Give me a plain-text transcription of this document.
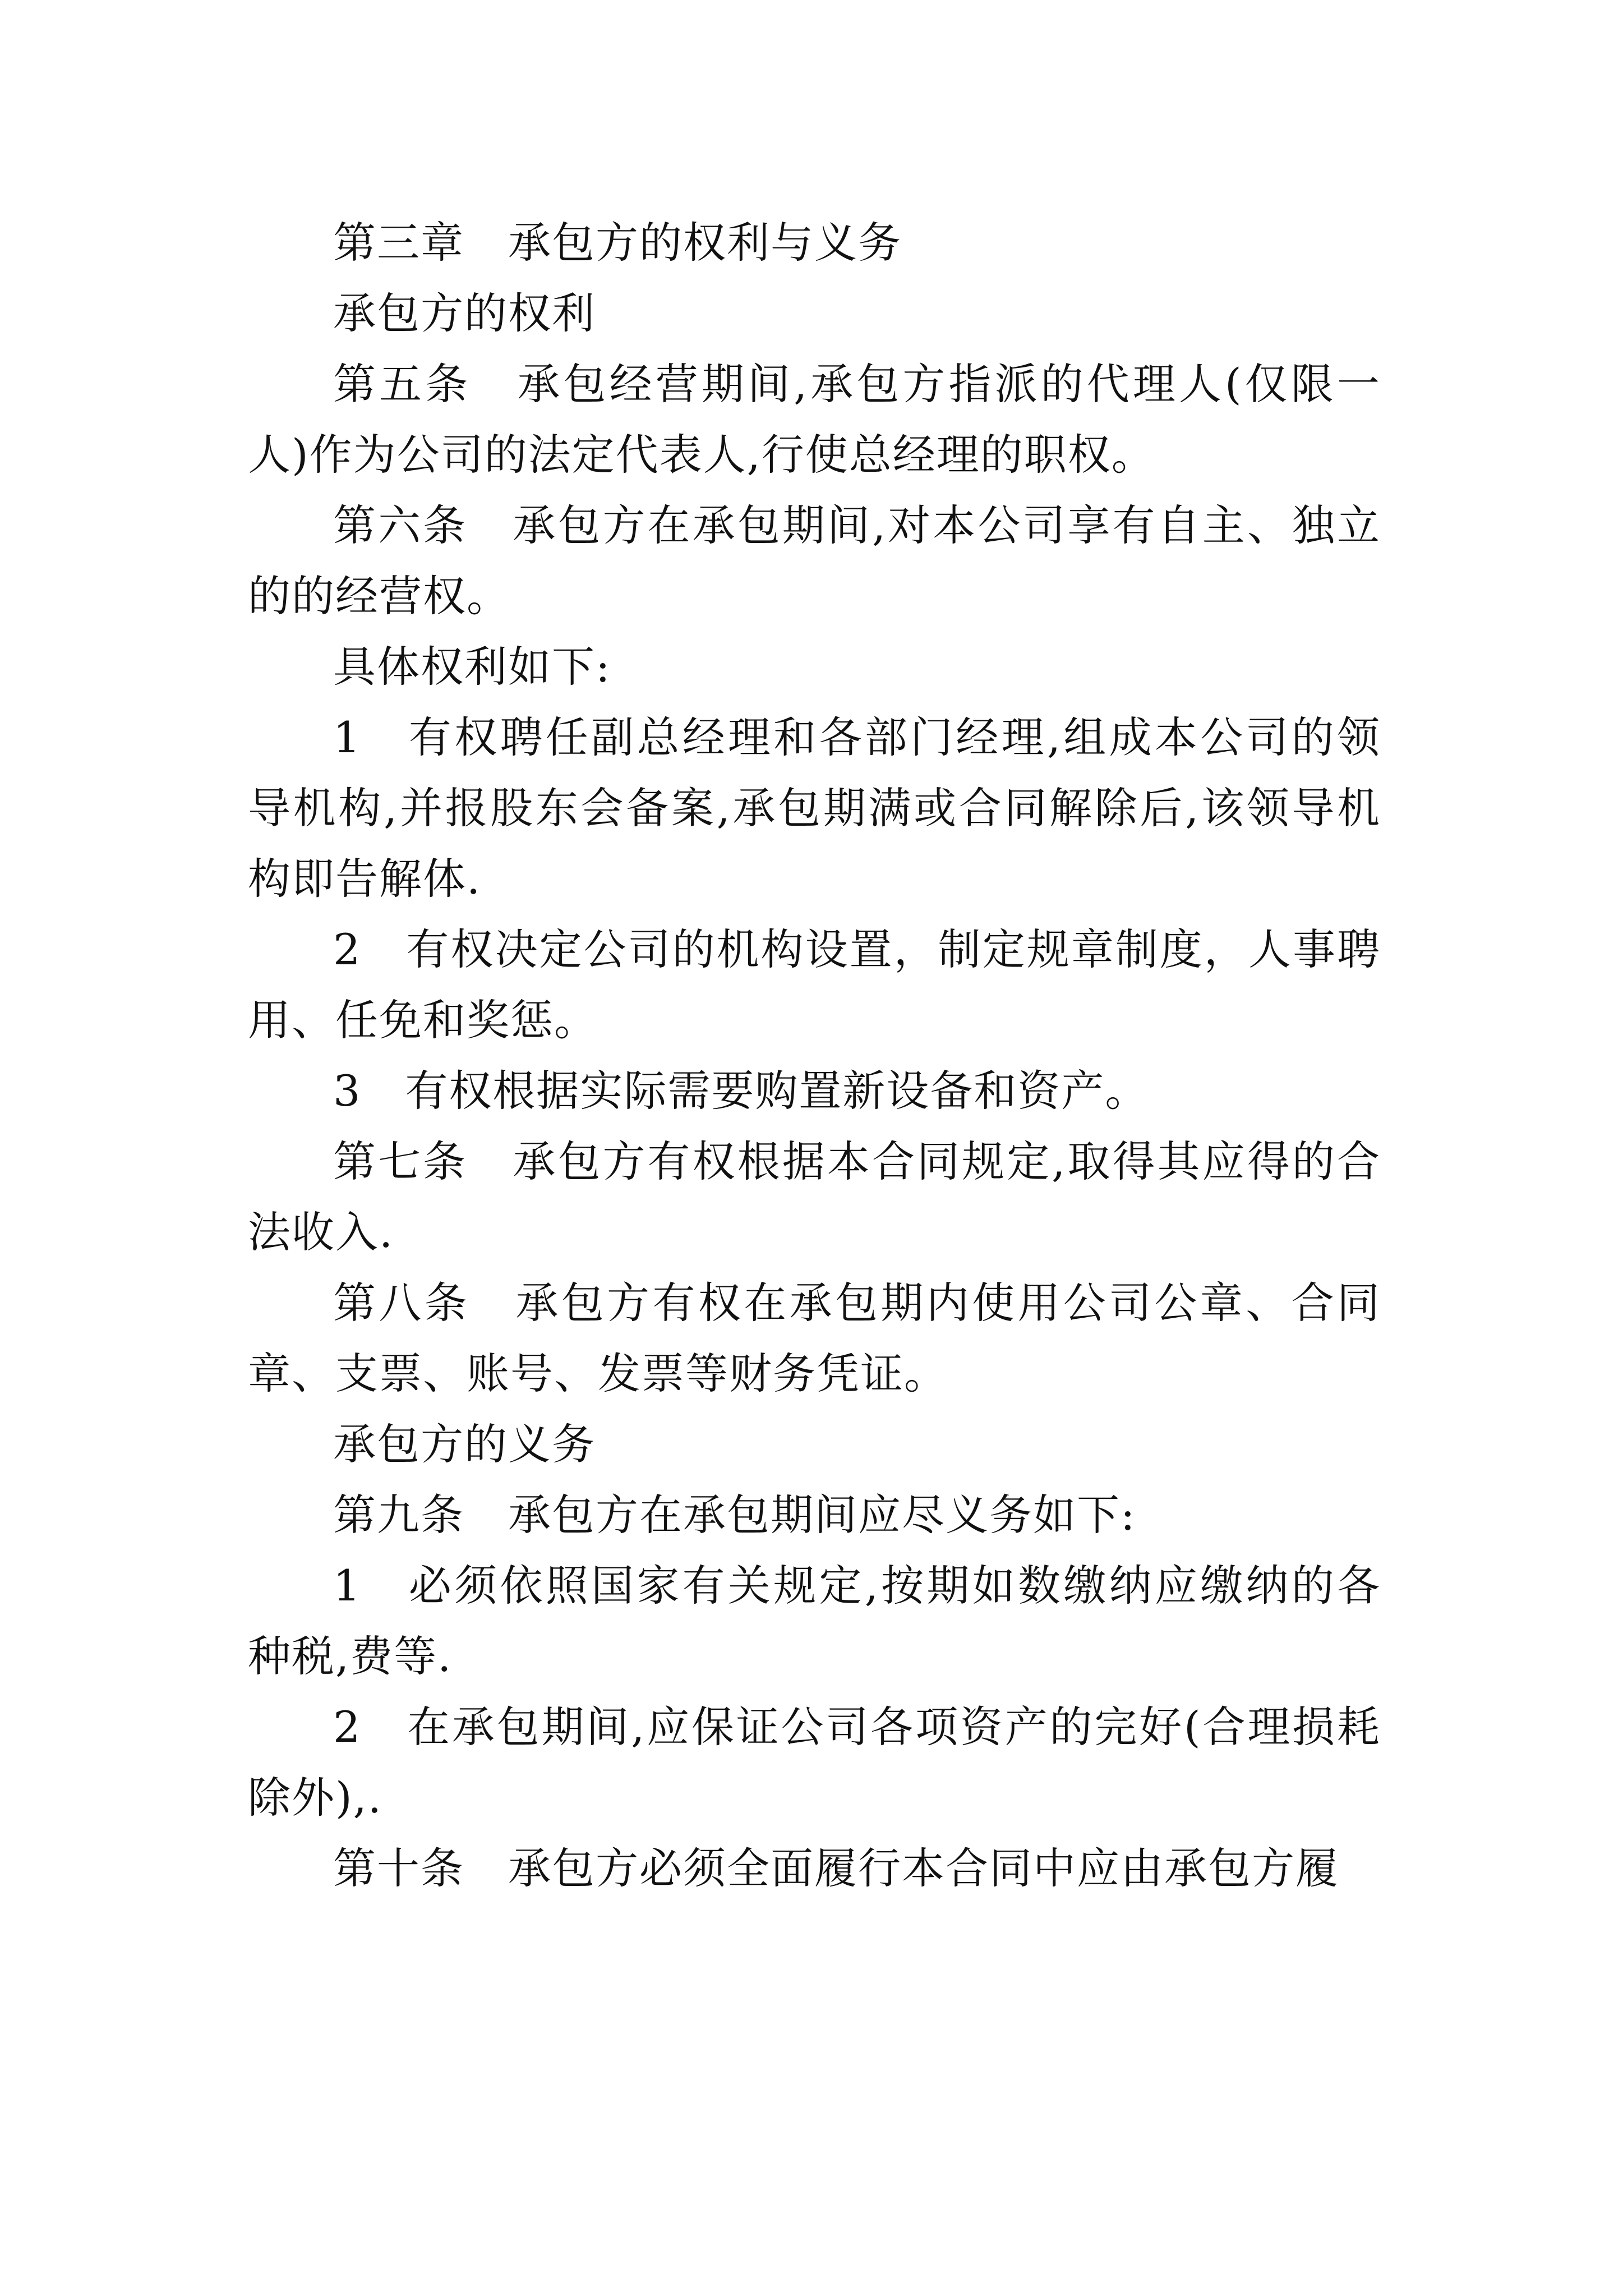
第三章　承包方的权利与义务

承包方的权利

第五条　承包经营期间,承包方指派的代理人(仅限一人)作为公司的法定代表人,行使总经理的职权。

第六条　承包方在承包期间,对本公司享有自主、独立的的经营权。

具体权利如下:

1　有权聘任副总经理和各部门经理,组成本公司的领导机构,并报股东会备案,承包期满或合同解除后,该领导机构即告解体.

2　有权决定公司的机构设置，制定规章制度，人事聘用、任免和奖惩。

3　有权根据实际需要购置新设备和资产。

第七条　承包方有权根据本合同规定,取得其应得的合法收入.

第八条　承包方有权在承包期内使用公司公章、合同章、支票、账号、发票等财务凭证。

承包方的义务

第九条　承包方在承包期间应尽义务如下:

1　必须依照国家有关规定,按期如数缴纳应缴纳的各种税,费等.

2　在承包期间,应保证公司各项资产的完好(合理损耗除外),.

第十条　承包方必须全面履行本合同中应由承包方履
